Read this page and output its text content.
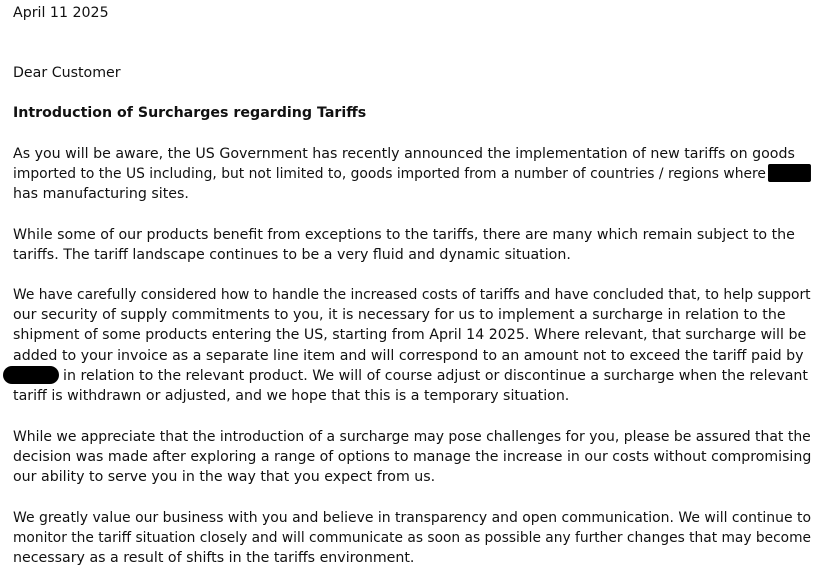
April 11 2025
Dear Customer
Introduction of Surcharges regarding Tariffs
As you will be aware, the US Government has recently announced the implementation of new tariffs on goods
imported to the US including, but not limited to, goods imported from a number of countries / regions where
has manufacturing sites.
While some of our products benefit from exceptions to the tariffs, there are many which remain subject to the
tariffs. The tariff landscape continues to be a very fluid and dynamic situation.
We have carefully considered how to handle the increased costs of tariffs and have concluded that, to help support
our security of supply commitments to you, it is necessary for us to implement a surcharge in relation to the
shipment of some products entering the US, starting from April 14 2025. Where relevant, that surcharge will be
added to your invoice as a separate line item and will correspond to an amount not to exceed the tariff paid by
in relation to the relevant product. We will of course adjust or discontinue a surcharge when the relevant
tariff is withdrawn or adjusted, and we hope that this is a temporary situation.
While we appreciate that the introduction of a surcharge may pose challenges for you, please be assured that the
decision was made after exploring a range of options to manage the increase in our costs without compromising
our ability to serve you in the way that you expect from us.
We greatly value our business with you and believe in transparency and open communication. We will continue to
monitor the tariff situation closely and will communicate as soon as possible any further changes that may become
necessary as a result of shifts in the tariffs environment.
